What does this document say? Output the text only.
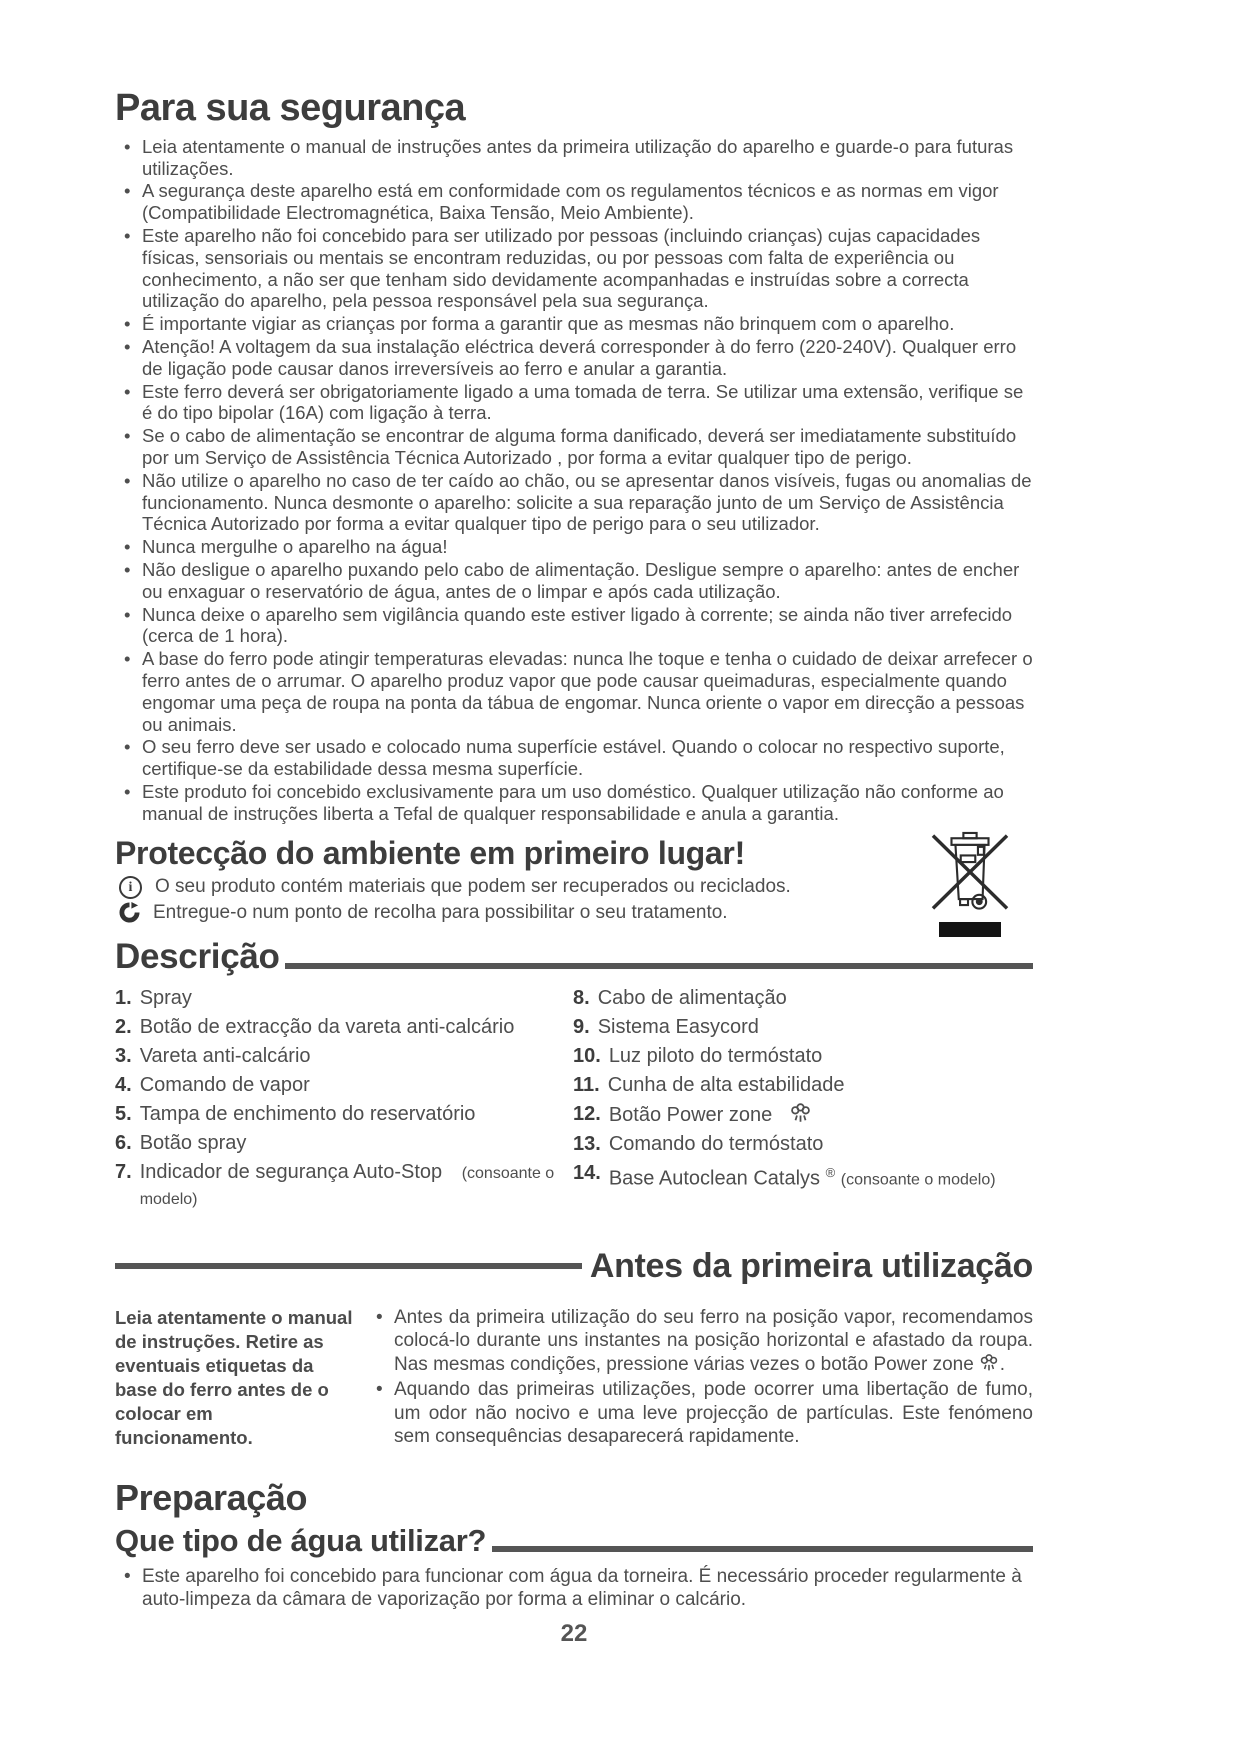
Para sua segurança
• Leia atentamente o manual de instruções antes da primeira utilização do aparelho e guarde-o para futuras utilizações.
• A segurança deste aparelho está em conformidade com os regulamentos técnicos e as normas em vigor (Compatibilidade Electromagnética, Baixa Tensão, Meio Ambiente).
• Este aparelho não foi concebido para ser utilizado por pessoas (incluindo crianças) cujas capacidades físicas, sensoriais ou mentais se encontram reduzidas, ou por pessoas com falta de experiência ou conhecimento, a não ser que tenham sido devidamente acompanhadas e instruídas sobre a correcta utilização do aparelho, pela pessoa responsável pela sua segurança.
• É importante vigiar as crianças por forma a garantir que as mesmas não brinquem com o aparelho.
• Atenção! A voltagem da sua instalação eléctrica deverá corresponder à do ferro (220-240V). Qualquer erro de ligação pode causar danos irreversíveis ao ferro e anular a garantia.
• Este ferro deverá ser obrigatoriamente ligado a uma tomada de terra. Se utilizar uma extensão, verifique se é do tipo bipolar (16A) com ligação à terra.
• Se o cabo de alimentação se encontrar de alguma forma danificado, deverá ser imediatamente substituído por um Serviço de Assistência Técnica Autorizado , por forma a evitar qualquer tipo de perigo.
• Não utilize o aparelho no caso de ter caído ao chão, ou se apresentar danos visíveis, fugas ou anomalias de funcionamento. Nunca desmonte o aparelho: solicite a sua reparação junto de um Serviço de Assistência Técnica Autorizado por forma a evitar qualquer tipo de perigo para o seu utilizador.
• Nunca mergulhe o aparelho na água!
• Não desligue o aparelho puxando pelo cabo de alimentação. Desligue sempre o aparelho: antes de encher ou enxaguar o reservatório de água, antes de o limpar e após cada utilização.
• Nunca deixe o aparelho sem vigilância quando este estiver ligado à corrente; se ainda não tiver arrefecido (cerca de 1 hora).
• A base do ferro pode atingir temperaturas elevadas: nunca lhe toque e tenha o cuidado de deixar arrefecer o ferro antes de o arrumar. O aparelho produz vapor que pode causar queimaduras, especialmente quando engomar uma peça de roupa na ponta da tábua de engomar. Nunca oriente o vapor em direcção a pessoas ou animais.
• O seu ferro deve ser usado e colocado numa superfície estável. Quando o colocar no respectivo suporte, certifique-se da estabilidade dessa mesma superfície.
• Este produto foi concebido exclusivamente para um uso doméstico. Qualquer utilização não conforme ao manual de instruções liberta a Tefal de qualquer responsabilidade e anula a garantia.
Protecção do ambiente em primeiro lugar!
i	O seu produto contém materiais que podem ser recuperados ou reciclados.
Entregue-o num ponto de recolha para possibilitar o seu tratamento.
Descrição
1. Spray
2. Botão de extracção da vareta anti-calcário
3. Vareta anti-calcário
4. Comando de vapor
5. Tampa de enchimento do reservatório
6. Botão spray
7. Indicador de segurança Auto-Stop (consoante o modelo)
8. Cabo de alimentação
9. Sistema Easycord
10. Luz piloto do termóstato
11. Cunha de alta estabilidade
12. Botão Power zone
13. Comando do termóstato
14. Base Autoclean Catalys ® (consoante o modelo)
Antes da primeira utilização
Leia atentamente o manual de instruções. Retire as eventuais etiquetas da base do ferro antes de o colocar em funcionamento.
• Antes da primeira utilização do seu ferro na posição vapor, recomendamos colocá-lo durante uns instantes na posição horizontal e afastado da roupa. Nas mesmas condições, pressione várias vezes o botão Power zone .
• Aquando das primeiras utilizações, pode ocorrer uma libertação de fumo, um odor não nocivo e uma leve projecção de partículas. Este fenómeno sem consequências desaparecerá rapidamente.
Preparação
Que tipo de água utilizar?
• Este aparelho foi concebido para funcionar com água da torneira. É necessário proceder regularmente à auto-limpeza da câmara de vaporização por forma a eliminar o calcário.
22
